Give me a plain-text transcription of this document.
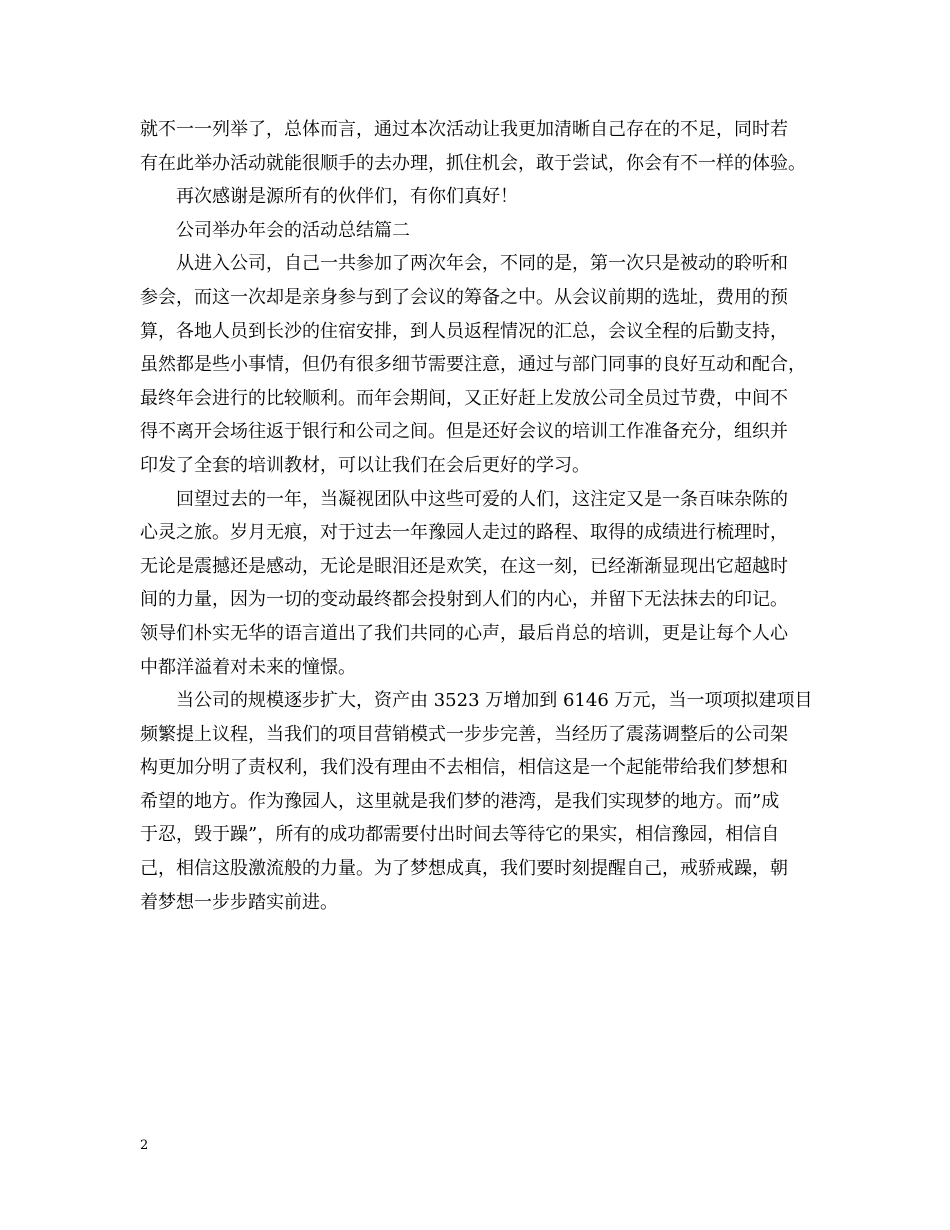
就不一一列举了，总体而言，通过本次活动让我更加清晰自己存在的不足，同时若
有在此举办活动就能很顺手的去办理，抓住机会，敢于尝试，你会有不一样的体验。
再次感谢是源所有的伙伴们，有你们真好！
公司举办年会的活动总结篇二
从进入公司，自己一共参加了两次年会，不同的是，第一次只是被动的聆听和
参会，而这一次却是亲身参与到了会议的筹备之中。从会议前期的选址，费用的预
算，各地人员到长沙的住宿安排，到人员返程情况的汇总，会议全程的后勤支持，
虽然都是些小事情，但仍有很多细节需要注意，通过与部门同事的良好互动和配合，
最终年会进行的比较顺利。而年会期间，又正好赶上发放公司全员过节费，中间不
得不离开会场往返于银行和公司之间。但是还好会议的培训工作准备充分，组织并
印发了全套的培训教材，可以让我们在会后更好的学习。
回望过去的一年，当凝视团队中这些可爱的人们，这注定又是一条百味杂陈的
心灵之旅。岁月无痕，对于过去一年豫园人走过的路程、取得的成绩进行梳理时，
无论是震撼还是感动，无论是眼泪还是欢笑，在这一刻，已经渐渐显现出它超越时
间的力量，因为一切的变动最终都会投射到人们的内心，并留下无法抹去的印记。
领导们朴实无华的语言道出了我们共同的心声，最后肖总的培训，更是让每个人心
中都洋溢着对未来的憧憬。
当公司的规模逐步扩大，资产由 3523 万增加到 6146 万元，当一项项拟建项目
频繁提上议程，当我们的项目营销模式一步步完善，当经历了震荡调整后的公司架
构更加分明了责权利，我们没有理由不去相信，相信这是一个起能带给我们梦想和
希望的地方。作为豫园人，这里就是我们梦的港湾，是我们实现梦的地方。而”成
于忍，毁于躁”，所有的成功都需要付出时间去等待它的果实，相信豫园，相信自
己，相信这股激流般的力量。为了梦想成真，我们要时刻提醒自己，戒骄戒躁，朝
着梦想一步步踏实前进。
2
